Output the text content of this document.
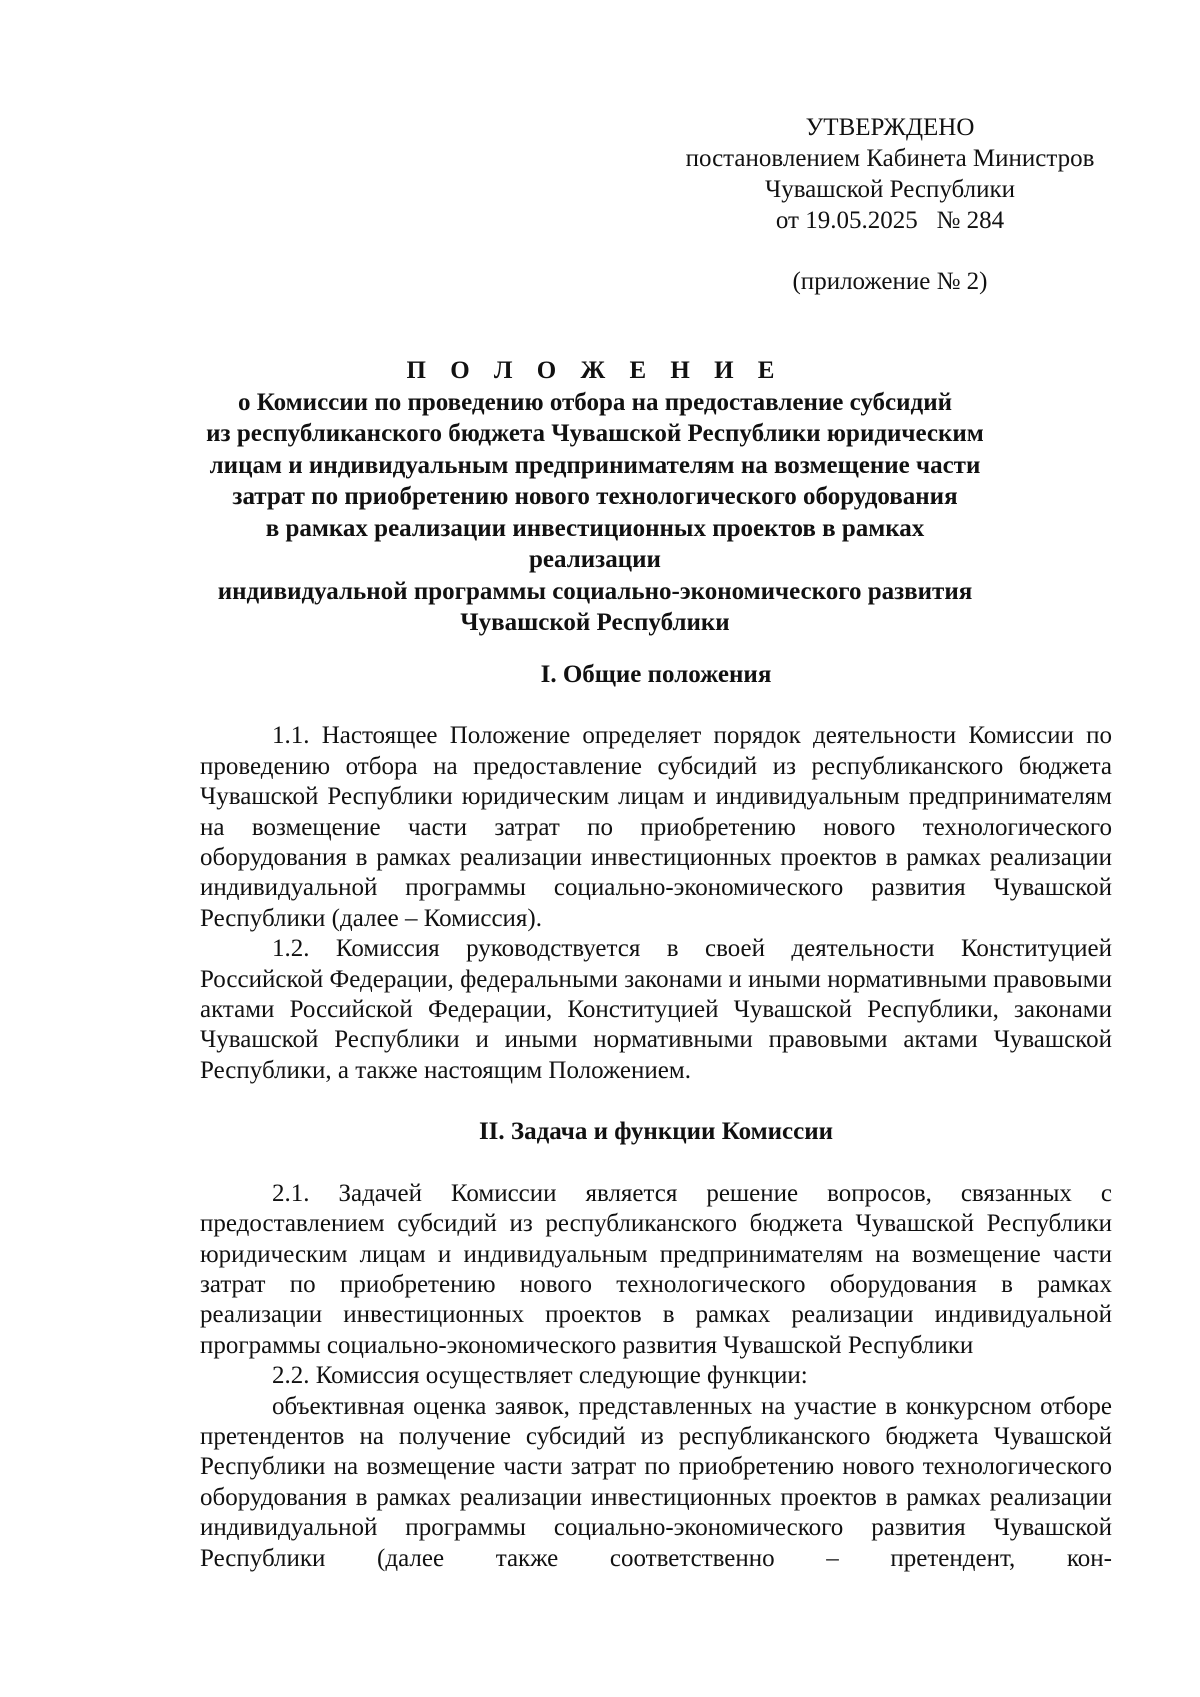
УТВЕРЖДЕНО
постановлением Кабинета Министров
Чувашской Республики
от 19.05.2025   № 284
(приложение № 2)
П О Л О Ж Е Н И Е
о Комиссии по проведению отбора на предоставление субсидий
из республиканского бюджета Чувашской Республики юридическим
лицам и индивидуальным предпринимателям на возмещение части
затрат по приобретению нового технологического оборудования
в рамках реализации инвестиционных проектов в рамках реализации
индивидуальной программы социально-экономического развития
Чувашской Республики

I. Общие положения

1.1. Настоящее Положение определяет порядок деятельности Комиссии по проведению отбора на предоставление субсидий из республиканского бюджета Чувашской Республики юридическим лицам и индивидуальным предпринимателям на возмещение части затрат по приобретению нового технологического оборудования в рамках реализации инвестиционных проектов в рамках реализации индивидуальной программы социально-экономического развития Чувашской Республики (далее – Комиссия).

1.2. Комиссия руководствуется в своей деятельности Конституцией Российской Федерации, федеральными законами и иными нормативными правовыми актами Российской Федерации, Конституцией Чувашской Республики, законами Чувашской Республики и иными нормативными правовыми актами Чувашской Республики, а также настоящим Положением.

II. Задача и функции Комиссии

2.1. Задачей Комиссии является решение вопросов, связанных с предоставлением субсидий из республиканского бюджета Чувашской Республики юридическим лицам и индивидуальным предпринимателям на возмещение части затрат по приобретению нового технологического оборудования в рамках реализации инвестиционных проектов в рамках реализации индивидуальной программы социально-экономического развития Чувашской Республики

2.2. Комиссия осуществляет следующие функции:

объективная оценка заявок, представленных на участие в конкурсном отборе претендентов на получение субсидий из республиканского бюджета Чувашской Республики на возмещение части затрат по приобретению нового технологического оборудования в рамках реализации инвестиционных проектов в рамках реализации индивидуальной программы социально-экономического развития Чувашской Республики (далее также соответственно – претендент, кон-
